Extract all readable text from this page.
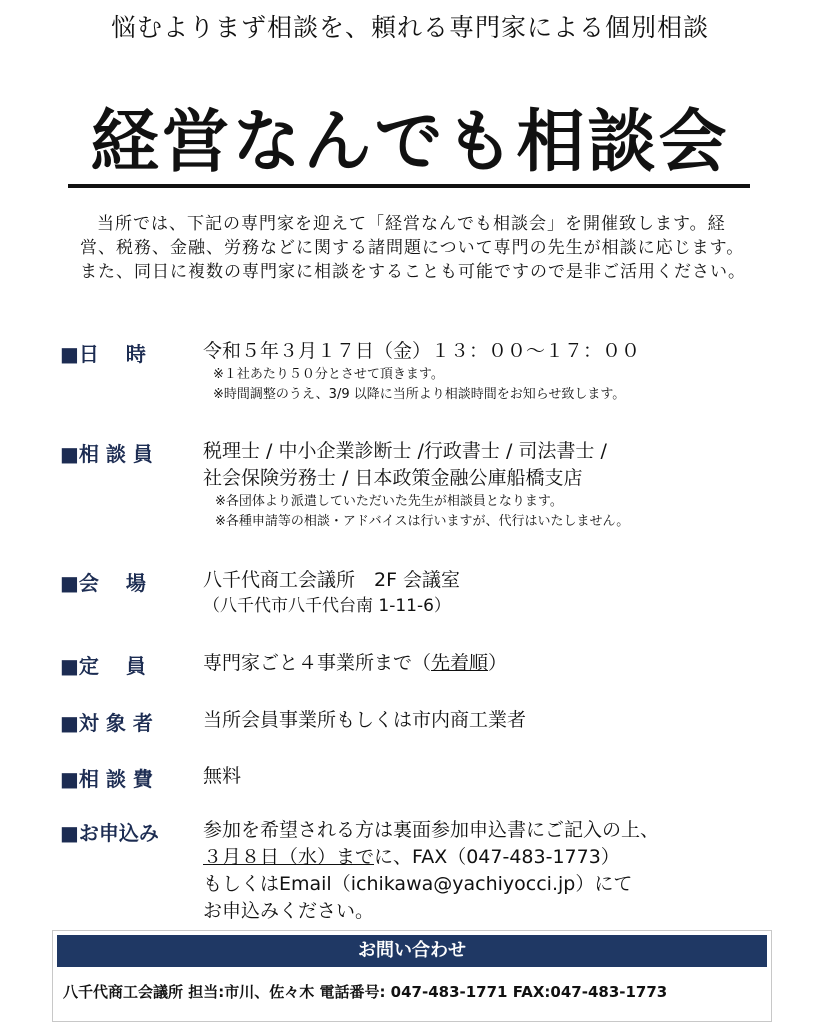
悩むよりまず相談を、頼れる専門家による個別相談
経営なんでも相談会
当所では、下記の専門家を迎えて「経営なんでも相談会」を開催致します。経営、税務、金融、労務などに関する諸問題について専門の先生が相談に応じます。また、同日に複数の専門家に相談をすることも可能ですので是非ご活用ください。
■日　 時	令和５年３月１７日（金）１３：００〜１７：００
※１社あたり５０分とさせて頂きます。
※時間調整のうえ、3/9 以降に当所より相談時間をお知らせ致します。
■相 談 員	税理士 / 中小企業診断士 /行政書士 / 司法書士 /
社会保険労務士 / 日本政策金融公庫船橋支店
※各団体より派遣していただいた先生が相談員となります。
※各種申請等の相談・アドバイスは行いますが、代行はいたしません。
■会　 場	八千代商工会議所　2F 会議室
（八千代市八千代台南 1-11-6）
■定　 員	専門家ごと４事業所まで（先着順）
■対 象 者	当所会員事業所もしくは市内商工業者
■相 談 費	無料
■お申込み	参加を希望される方は裏面参加申込書にご記入の上、
３月８日（水）までに、FAX（047-483-1773）
もしくはEmail（ichikawa@yachiyocci.jp）にて
お申込みください。
お問い合わせ
八千代商工会議所 担当:市川、佐々木 電話番号: 047-483-1771 FAX:047-483-1773
